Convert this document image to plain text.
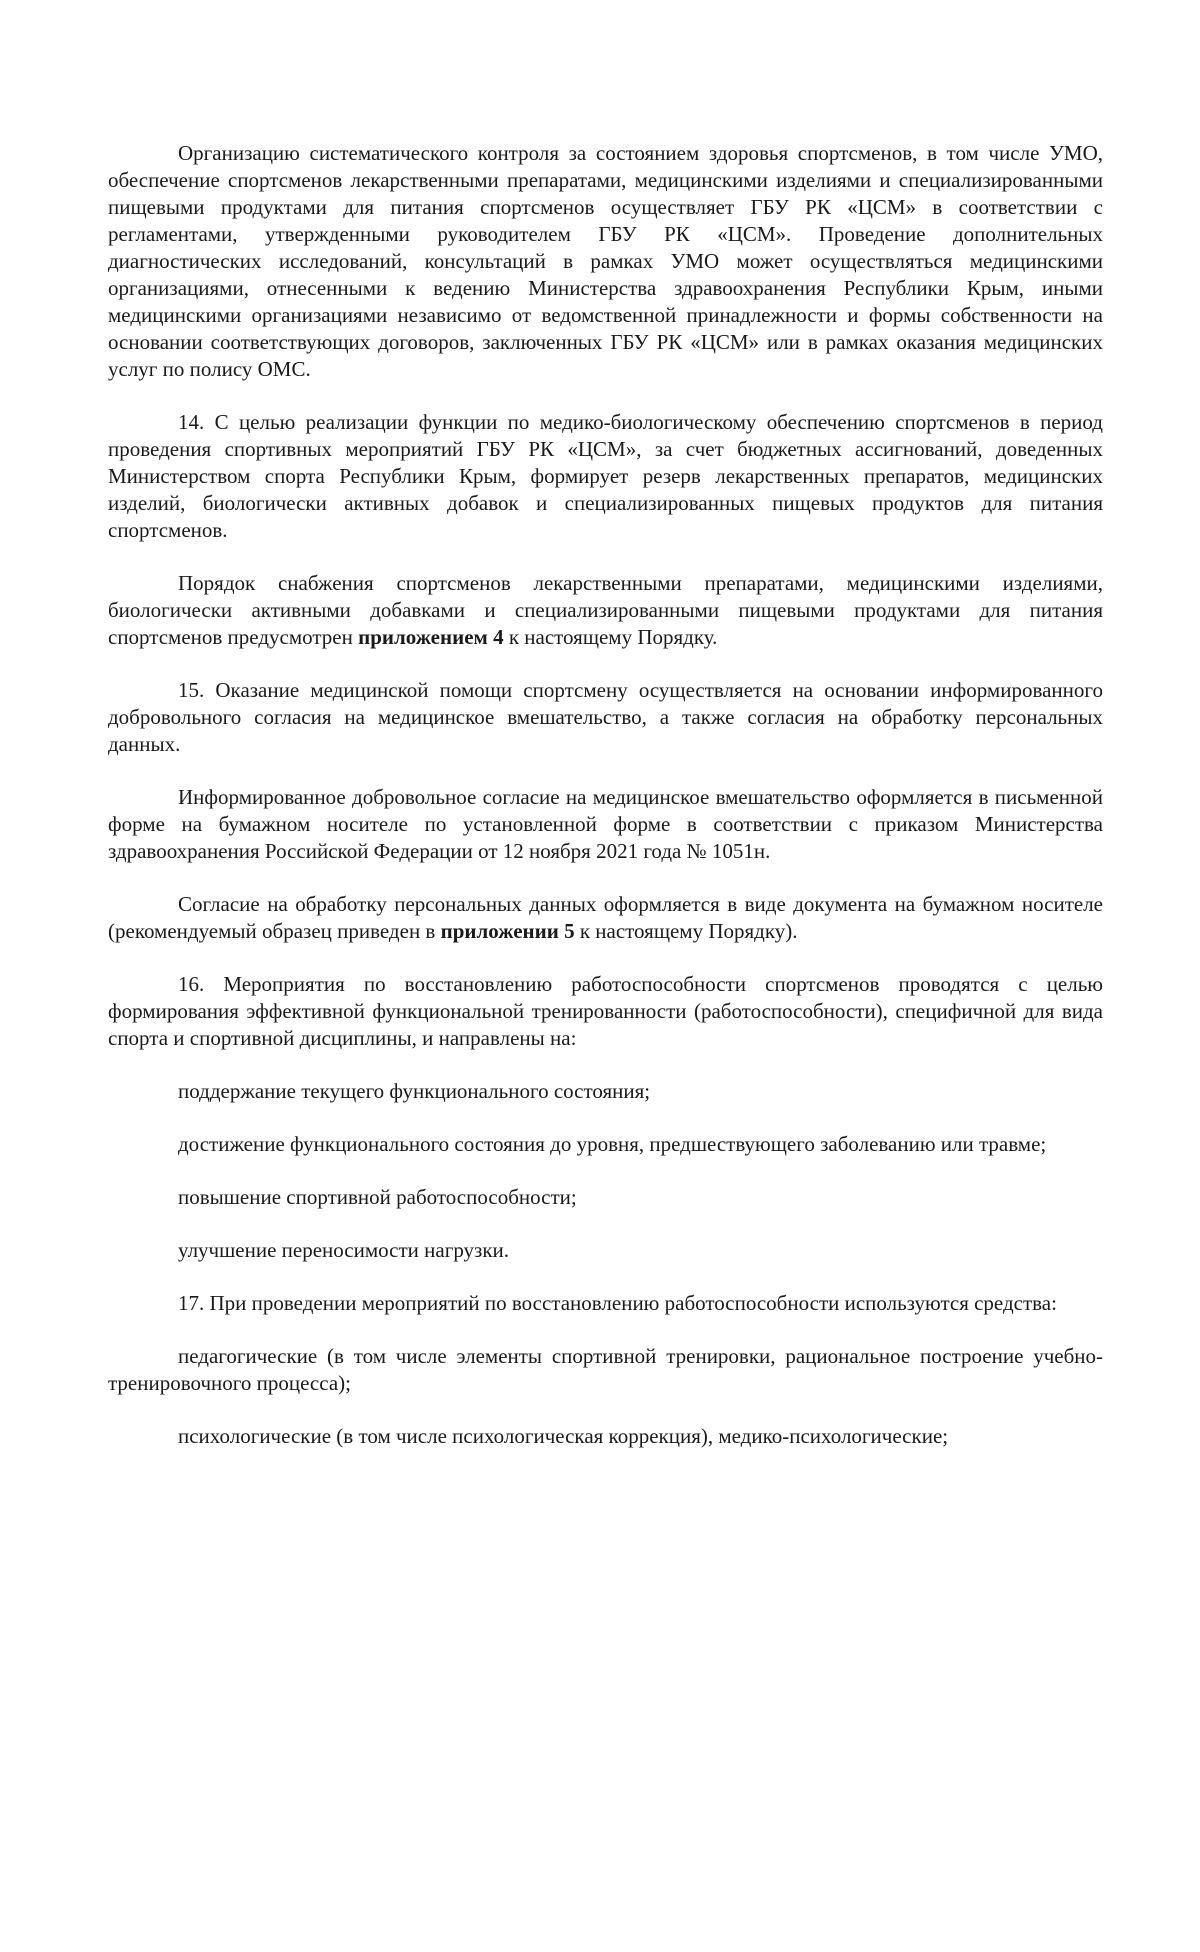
Организацию систематического контроля за состоянием здоровья спортсменов, в том числе УМО, обеспечение спортсменов лекарственными препаратами, медицинскими изделиями и специализированными пищевыми продуктами для питания спортсменов осуществляет ГБУ РК «ЦСМ» в соответствии с регламентами, утвержденными руководителем ГБУ РК «ЦСМ». Проведение дополнительных диагностических исследований, консультаций в рамках УМО может осуществляться медицинскими организациями, отнесенными к ведению Министерства здравоохранения Республики Крым, иными медицинскими организациями независимо от ведомственной принадлежности и формы собственности на основании соответствующих договоров, заключенных ГБУ РК «ЦСМ» или в рамках оказания медицинских услуг по полису ОМС.

14. С целью реализации функции по медико-биологическому обеспечению спортсменов в период проведения спортивных мероприятий ГБУ РК «ЦСМ», за счет бюджетных ассигнований, доведенных Министерством спорта Республики Крым, формирует резерв лекарственных препаратов, медицинских изделий, биологически активных добавок и специализированных пищевых продуктов для питания спортсменов.

Порядок снабжения спортсменов лекарственными препаратами, медицинскими изделиями, биологически активными добавками и специализированными пищевыми продуктами для питания спортсменов предусмотрен приложением 4 к настоящему Порядку.

15. Оказание медицинской помощи спортсмену осуществляется на основании информированного добровольного согласия на медицинское вмешательство, а также согласия на обработку персональных данных.

Информированное добровольное согласие на медицинское вмешательство оформляется в письменной форме на бумажном носителе по установленной форме в соответствии с приказом Министерства здравоохранения Российской Федерации от 12 ноября 2021 года № 1051н.

Согласие на обработку персональных данных оформляется в виде документа на бумажном носителе (рекомендуемый образец приведен в приложении 5 к настоящему Порядку).

16. Мероприятия по восстановлению работоспособности спортсменов проводятся с целью формирования эффективной функциональной тренированности (работоспособности), специфичной для вида спорта и спортивной дисциплины, и направлены на:

поддержание текущего функционального состояния;

достижение функционального состояния до уровня, предшествующего заболеванию или травме;

повышение спортивной работоспособности;

улучшение переносимости нагрузки.

17. При проведении мероприятий по восстановлению работоспособности используются средства:

педагогические (в том числе элементы спортивной тренировки, рациональное построение учебно-тренировочного процесса);

психологические (в том числе психологическая коррекция), медико-психологические;
